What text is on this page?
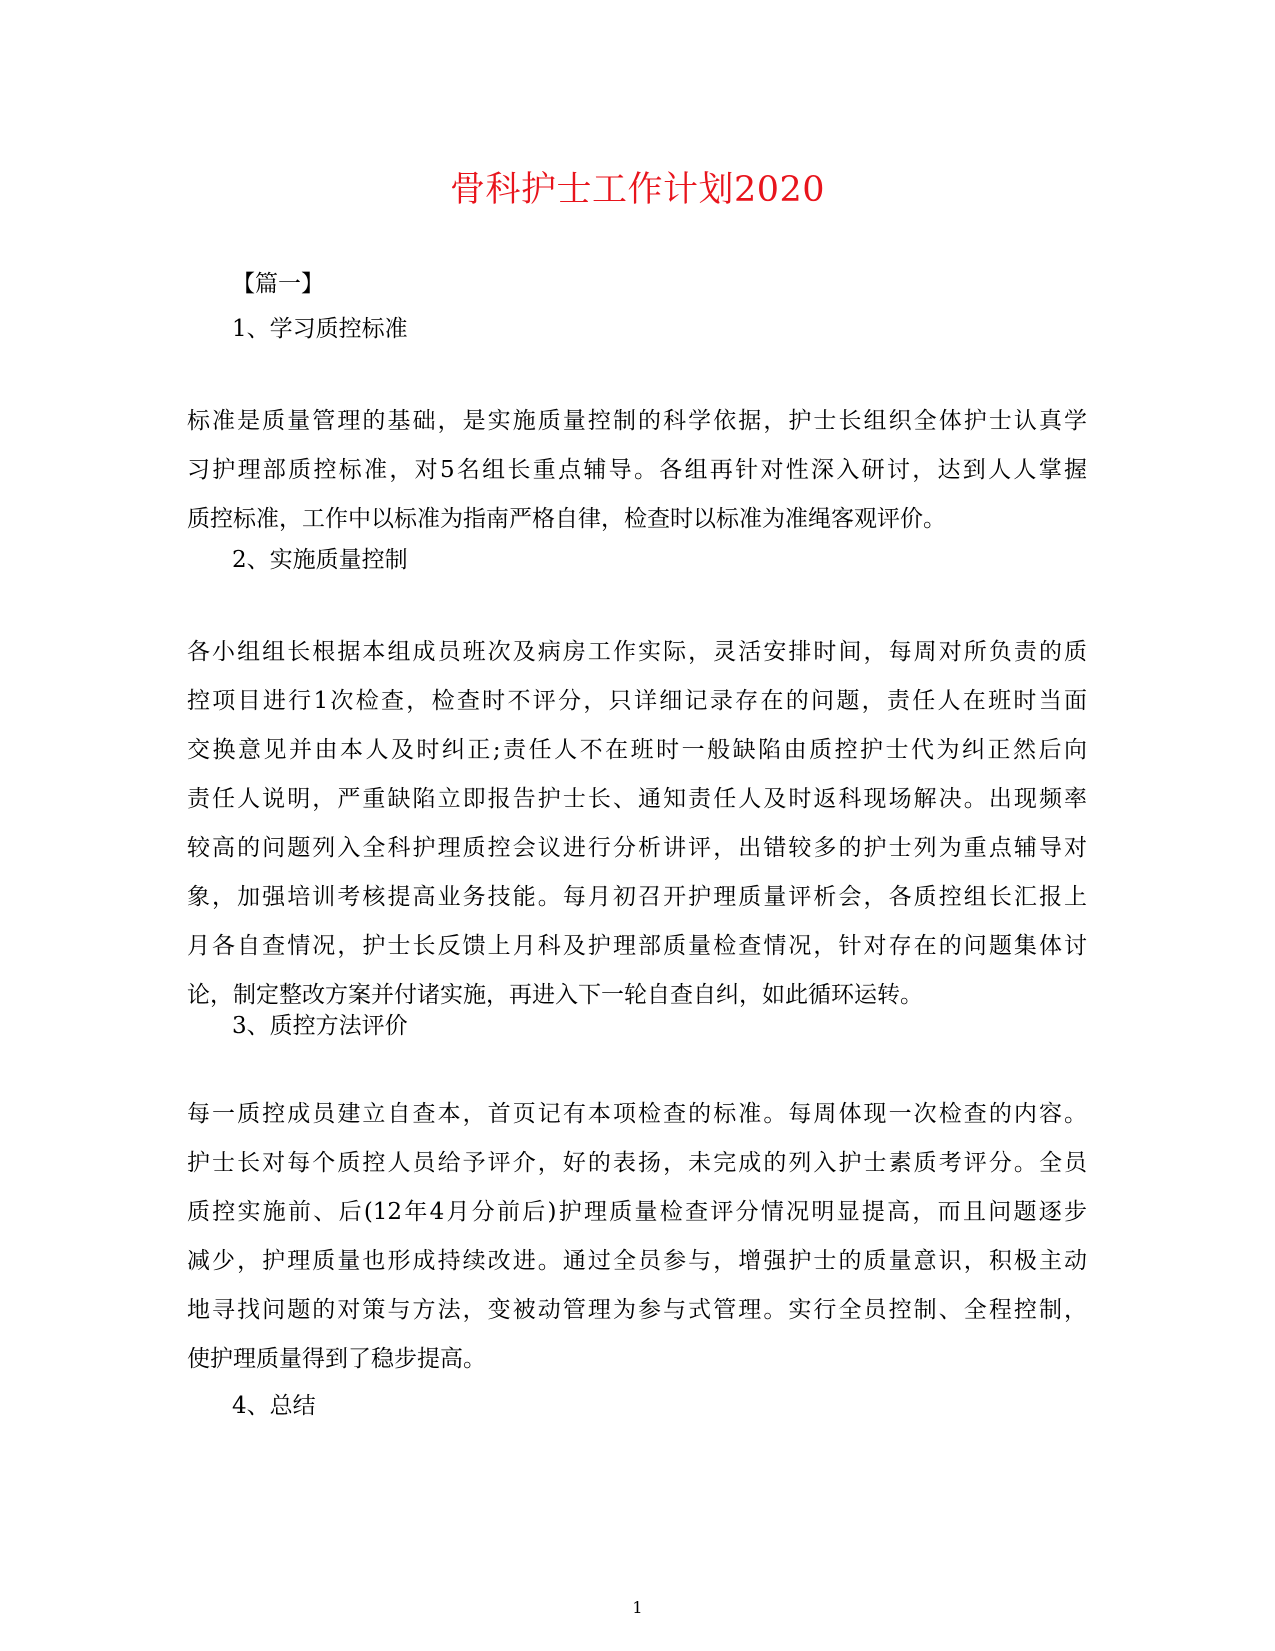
骨科护士工作计划2020
【篇一】
1、学习质控标准
标准是质量管理的基础，是实施质量控制的科学依据，护士长组织全体护士认真学
习护理部质控标准，对5名组长重点辅导。各组再针对性深入研讨，达到人人掌握
质控标准，工作中以标准为指南严格自律，检查时以标准为准绳客观评价。
2、实施质量控制
各小组组长根据本组成员班次及病房工作实际，灵活安排时间，每周对所负责的质
控项目进行1次检查，检查时不评分，只详细记录存在的问题，责任人在班时当面
交换意见并由本人及时纠正;责任人不在班时一般缺陷由质控护士代为纠正然后向
责任人说明，严重缺陷立即报告护士长、通知责任人及时返科现场解决。出现频率
较高的问题列入全科护理质控会议进行分析讲评，出错较多的护士列为重点辅导对
象，加强培训考核提高业务技能。每月初召开护理质量评析会，各质控组长汇报上
月各自查情况，护士长反馈上月科及护理部质量检查情况，针对存在的问题集体讨
论，制定整改方案并付诸实施，再进入下一轮自查自纠，如此循环运转。
3、质控方法评价
每一质控成员建立自查本，首页记有本项检查的标准。每周体现一次检查的内容。
护士长对每个质控人员给予评介，好的表扬，未完成的列入护士素质考评分。全员
质控实施前、后(12年4月分前后)护理质量检查评分情况明显提高，而且问题逐步
减少，护理质量也形成持续改进。通过全员参与，增强护士的质量意识，积极主动
地寻找问题的对策与方法，变被动管理为参与式管理。实行全员控制、全程控制，
使护理质量得到了稳步提高。
4、总结
1
